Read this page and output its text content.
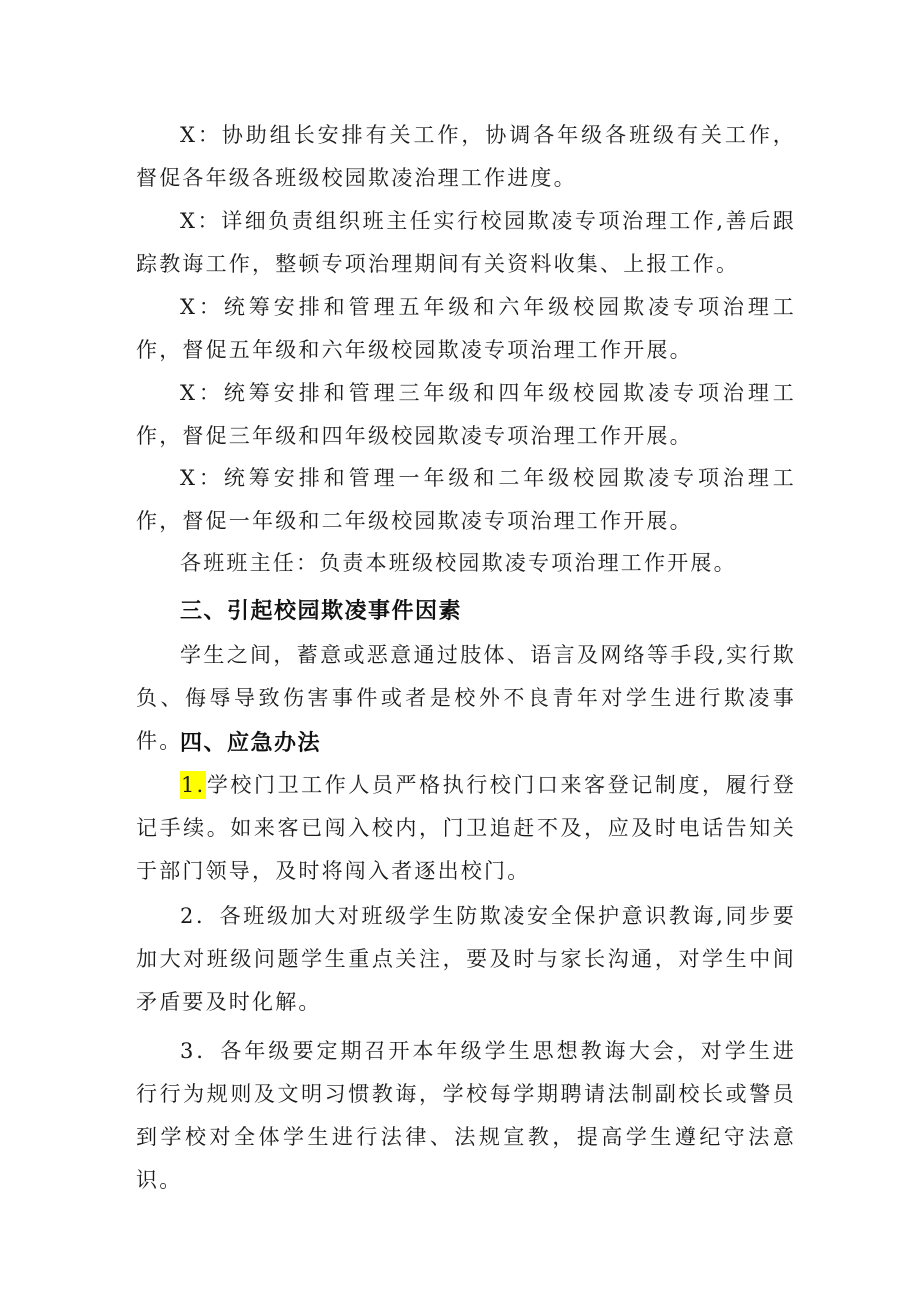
X：协助组长安排有关工作，协调各年级各班级有关工作，督促各年级各班级校园欺凌治理工作进度。

X：详细负责组织班主任实行校园欺凌专项治理工作,善后跟踪教诲工作，整顿专项治理期间有关资料收集、上报工作。

X：统筹安排和管理五年级和六年级校园欺凌专项治理工作，督促五年级和六年级校园欺凌专项治理工作开展。

X：统筹安排和管理三年级和四年级校园欺凌专项治理工作，督促三年级和四年级校园欺凌专项治理工作开展。

X：统筹安排和管理一年级和二年级校园欺凌专项治理工作，督促一年级和二年级校园欺凌专项治理工作开展。

各班班主任：负责本班级校园欺凌专项治理工作开展。

三、引起校园欺凌事件因素

学生之间，蓄意或恶意通过肢体、语言及网络等手段,实行欺负、侮辱导致伤害事件或者是校外不良青年对学生进行欺凌事件。

四、应急办法

1.学校门卫工作人员严格执行校门口来客登记制度，履行登记手续。如来客已闯入校内，门卫追赶不及，应及时电话告知关于部门领导，及时将闯入者逐出校门。

2．各班级加大对班级学生防欺凌安全保护意识教诲,同步要加大对班级问题学生重点关注，要及时与家长沟通，对学生中间矛盾要及时化解。

3．各年级要定期召开本年级学生思想教诲大会，对学生进行行为规则及文明习惯教诲，学校每学期聘请法制副校长或警员到学校对全体学生进行法律、法规宣教，提高学生遵纪守法意识。
